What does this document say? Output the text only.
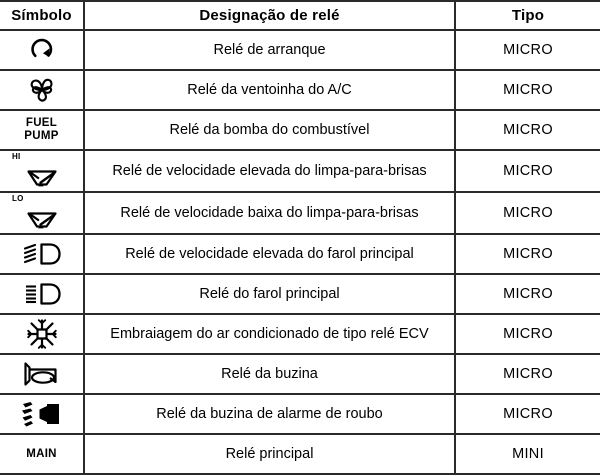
Símbolo	Designação de relé	Tipo

	Relé de arranque	MICRO

	Relé da ventoinha do A/C	MICRO

FUEL
PUMP	Relé da bomba do combustível	MICRO

HI	Relé de velocidade elevada do limpa-para-brisas	MICRO

LO	Relé de velocidade baixa do limpa-para-brisas	MICRO

	Relé de velocidade elevada do farol principal	MICRO

	Relé do farol principal	MICRO

	Embraiagem do ar condicionado de tipo relé ECV	MICRO

	Relé da buzina	MICRO

	Relé da buzina de alarme de roubo	MICRO

MAIN	Relé principal	MINI
